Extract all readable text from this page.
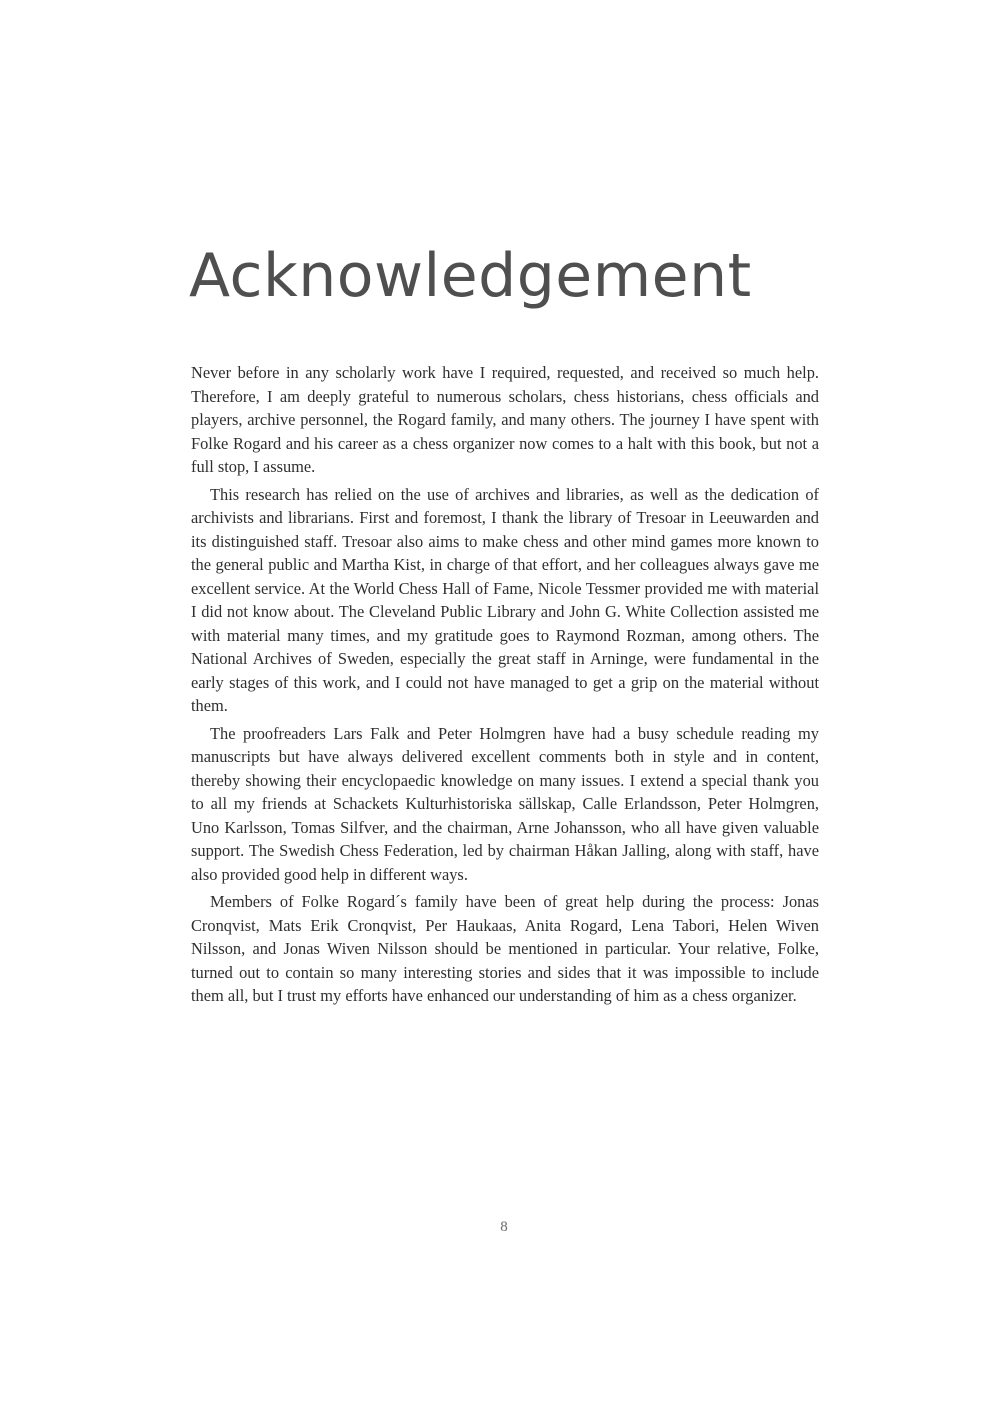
Acknowledgement

Never before in any scholarly work have I required, requested, and received so much help. Therefore, I am deeply grateful to numerous scholars, chess historians, chess officials and players, archive personnel, the Rogard family, and many others. The journey I have spent with Folke Rogard and his career as a chess organizer now comes to a halt with this book, but not a full stop, I assume.

This research has relied on the use of archives and libraries, as well as the dedication of archivists and librarians. First and foremost, I thank the library of Tresoar in Leeuwarden and its distinguished staff. Tresoar also aims to make chess and other mind games more known to the general public and Martha Kist, in charge of that effort, and her colleagues always gave me excellent service. At the World Chess Hall of Fame, Nicole Tessmer provided me with material I did not know about. The Cleveland Public Library and John G. White Collection assisted me with material many times, and my gratitude goes to Raymond Rozman, among others. The National Archives of Sweden, especially the great staff in Arninge, were fundamental in the early stages of this work, and I could not have managed to get a grip on the material without them.

The proofreaders Lars Falk and Peter Holmgren have had a busy schedule reading my manuscripts but have always delivered excellent comments both in style and in content, thereby showing their encyclopaedic knowledge on many issues. I extend a special thank you to all my friends at Schackets Kulturhistoriska sällskap, Calle Erlandsson, Peter Holmgren, Uno Karlsson, Tomas Silfver, and the chairman, Arne Johansson, who all have given valuable support. The Swedish Chess Federation, led by chairman Håkan Jalling, along with staff, have also provided good help in different ways.

Members of Folke Rogard´s family have been of great help during the process: Jonas Cronqvist, Mats Erik Cronqvist, Per Haukaas, Anita Rogard, Lena Tabori, Helen Wiven Nilsson, and Jonas Wiven Nilsson should be mentioned in particular. Your relative, Folke, turned out to contain so many interesting stories and sides that it was impossible to include them all, but I trust my efforts have enhanced our understanding of him as a chess organizer.

8
